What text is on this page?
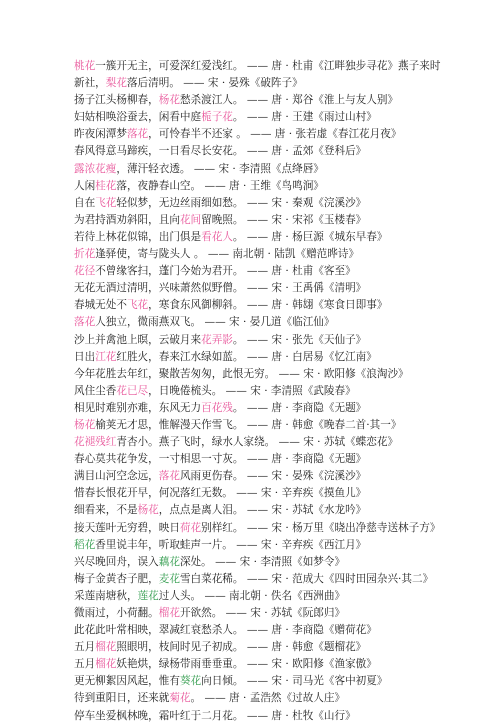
桃花一簇开无主，可爱深红爱浅红。 —— 唐 · 杜甫《江畔独步寻花》燕子来时
新社，梨花落后清明。 —— 宋 · 晏殊《破阵子》
扬子江头杨柳春，杨花愁杀渡江人。 —— 唐 · 郑谷《淮上与友人别》
妇姑相唤浴蚕去，闲看中庭栀子花。 —— 唐 · 王建《雨过山村》
昨夜闲潭梦落花，可怜春半不还家 。 —— 唐 · 张若虚《春江花月夜》
春风得意马蹄疾，一日看尽长安花。 —— 唐 · 孟郊《登科后》
露浓花瘦，薄汗轻衣透。 —— 宋 · 李清照《点绛唇》
人闲桂花落，夜静春山空。 —— 唐 · 王维《鸟鸣涧》
自在飞花轻似梦，无边丝雨细如愁。 —— 宋 · 秦观《浣溪沙》
为君持酒劝斜阳，且向花间留晚照。 —— 宋 · 宋祁《玉楼春》
若待上林花似锦，出门俱是看花人。 —— 唐 · 杨巨源《城东早春》
折花逢驿使，寄与陇头人 。 —— 南北朝 · 陆凯《赠范晔诗》
花径不曾缘客扫，蓬门今始为君开。 —— 唐 · 杜甫《客至》
无花无酒过清明，兴味萧然似野僧。 —— 宋 · 王禹偁《清明》
春城无处不飞花，寒食东风御柳斜。 —— 唐 · 韩翃《寒食日即事》
落花人独立，微雨燕双飞。 —— 宋 · 晏几道《临江仙》
沙上并禽池上暝，云破月来花弄影。 —— 宋 · 张先《天仙子》
日出江花红胜火，春来江水绿如蓝。 —— 唐 · 白居易《忆江南》
今年花胜去年红，聚散苦匆匆，此恨无穷。 —— 宋 · 欧阳修《浪淘沙》
风住尘香花已尽，日晚倦梳头。 —— 宋 · 李清照《武陵春》
相见时难别亦难，东风无力百花残。 —— 唐 · 李商隐《无题》
杨花榆荚无才思，惟解漫天作雪飞。 —— 唐 · 韩愈《晚春二首·其一》
花褪残红青杏小。燕子飞时，绿水人家绕。 —— 宋 · 苏轼《蝶恋花》
春心莫共花争发，一寸相思一寸灰。 —— 唐 · 李商隐《无题》
满目山河空念远，落花风雨更伤春。 —— 宋 · 晏殊《浣溪沙》
惜春长恨花开早，何况落红无数。 —— 宋 · 辛弃疾《摸鱼儿》
细看来，不是杨花，点点是离人泪。 —— 宋 · 苏轼《水龙吟》
接天莲叶无穷碧，映日荷花别样红。 —— 宋 · 杨万里《晓出净慈寺送林子方》
稻花香里说丰年，听取蛙声一片。 —— 宋 · 辛弃疾《西江月》
兴尽晚回舟，误入藕花深处。 —— 宋 · 李清照《如梦令》
梅子金黄杏子肥，麦花雪白菜花稀。 —— 宋 · 范成大《四时田园杂兴·其二》
采莲南塘秋，莲花过人头。 —— 南北朝 · 佚名《西洲曲》
微雨过，小荷翻。榴花开欲然。 —— 宋 · 苏轼《阮郎归》
此花此叶常相映，翠减红衰愁杀人。 —— 唐 · 李商隐《赠荷花》
五月榴花照眼明，枝间时见子初成。 —— 唐 · 韩愈《题榴花》
五月榴花妖艳烘，绿杨带雨垂垂重。 —— 宋 · 欧阳修《渔家傲》
更无柳絮因风起，惟有葵花向日倾。 —— 宋 · 司马光《客中初夏》
待到重阳日，还来就菊花。 —— 唐 · 孟浩然《过故人庄》
停车坐爱枫林晚，霜叶红于二月花。 —— 唐 · 杜牧《山行》
